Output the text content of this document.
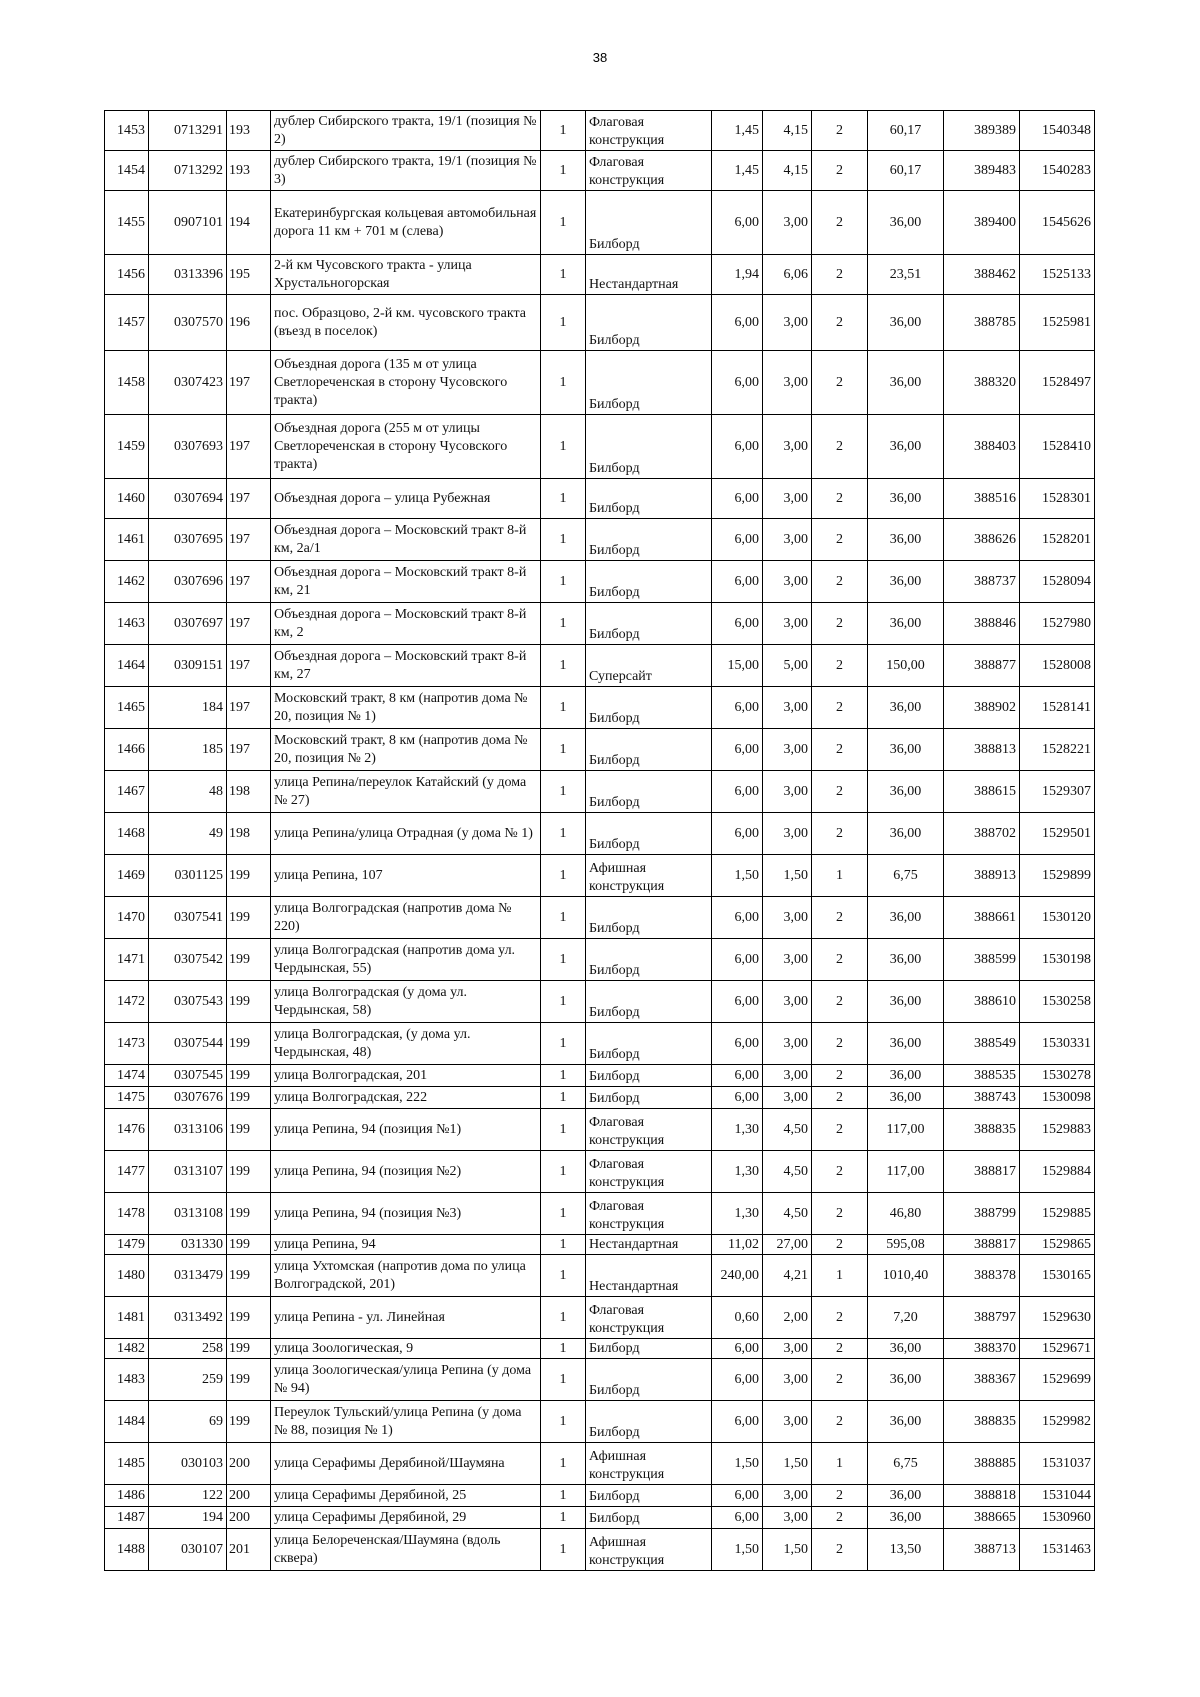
38
1453	0713291	193	дублер Сибирского тракта, 19/1 (позиция № 2)	1	Флаговая конструкция	1,45	4,15	2	60,17	389389	1540348
1454	0713292	193	дублер Сибирского тракта, 19/1 (позиция № 3)	1	Флаговая конструкция	1,45	4,15	2	60,17	389483	1540283
1455	0907101	194	Екатеринбургская кольцевая автомобильная дорога 11 км + 701 м (слева)	1	Билборд	6,00	3,00	2	36,00	389400	1545626
1456	0313396	195	2-й км Чусовского тракта - улица Хрустальногорская	1	Нестандартная	1,94	6,06	2	23,51	388462	1525133
1457	0307570	196	пос. Образцово, 2-й км. чусовского тракта (въезд в поселок)	1	Билборд	6,00	3,00	2	36,00	388785	1525981
1458	0307423	197	Объездная дорога (135 м от улица Светлореченская в сторону Чусовского тракта)	1	Билборд	6,00	3,00	2	36,00	388320	1528497
1459	0307693	197	Объездная дорога (255 м от улицы Светлореченская в сторону Чусовского тракта)	1	Билборд	6,00	3,00	2	36,00	388403	1528410
1460	0307694	197	Объездная дорога – улица Рубежная	1	Билборд	6,00	3,00	2	36,00	388516	1528301
1461	0307695	197	Объездная дорога – Московский тракт 8-й км, 2а/1	1	Билборд	6,00	3,00	2	36,00	388626	1528201
1462	0307696	197	Объездная дорога – Московский тракт 8-й км, 21	1	Билборд	6,00	3,00	2	36,00	388737	1528094
1463	0307697	197	Объездная дорога – Московский тракт 8-й км, 2	1	Билборд	6,00	3,00	2	36,00	388846	1527980
1464	0309151	197	Объездная дорога – Московский тракт 8-й км, 27	1	Суперсайт	15,00	5,00	2	150,00	388877	1528008
1465	184	197	Московский тракт, 8 км (напротив дома № 20, позиция № 1)	1	Билборд	6,00	3,00	2	36,00	388902	1528141
1466	185	197	Московский тракт, 8 км (напротив дома № 20, позиция № 2)	1	Билборд	6,00	3,00	2	36,00	388813	1528221
1467	48	198	улица Репина/переулок Катайский (у дома № 27)	1	Билборд	6,00	3,00	2	36,00	388615	1529307
1468	49	198	улица Репина/улица Отрадная (у дома № 1)	1	Билборд	6,00	3,00	2	36,00	388702	1529501
1469	0301125	199	улица Репина, 107	1	Афишная конструкция	1,50	1,50	1	6,75	388913	1529899
1470	0307541	199	улица Волгоградская (напротив дома № 220)	1	Билборд	6,00	3,00	2	36,00	388661	1530120
1471	0307542	199	улица Волгоградская (напротив дома ул. Чердынская, 55)	1	Билборд	6,00	3,00	2	36,00	388599	1530198
1472	0307543	199	улица Волгоградская (у дома ул. Чердынская, 58)	1	Билборд	6,00	3,00	2	36,00	388610	1530258
1473	0307544	199	улица Волгоградская, (у дома ул. Чердынская, 48)	1	Билборд	6,00	3,00	2	36,00	388549	1530331
1474	0307545	199	улица Волгоградская, 201	1	Билборд	6,00	3,00	2	36,00	388535	1530278
1475	0307676	199	улица Волгоградская, 222	1	Билборд	6,00	3,00	2	36,00	388743	1530098
1476	0313106	199	улица Репина, 94 (позиция №1)	1	Флаговая конструкция	1,30	4,50	2	117,00	388835	1529883
1477	0313107	199	улица Репина, 94 (позиция №2)	1	Флаговая конструкция	1,30	4,50	2	117,00	388817	1529884
1478	0313108	199	улица Репина, 94 (позиция №3)	1	Флаговая конструкция	1,30	4,50	2	46,80	388799	1529885
1479	031330	199	улица Репина, 94	1	Нестандартная	11,02	27,00	2	595,08	388817	1529865
1480	0313479	199	улица Ухтомская (напротив дома по улица Волгоградской, 201)	1	Нестандартная	240,00	4,21	1	1010,40	388378	1530165
1481	0313492	199	улица Репина - ул. Линейная	1	Флаговая конструкция	0,60	2,00	2	7,20	388797	1529630
1482	258	199	улица Зоологическая, 9	1	Билборд	6,00	3,00	2	36,00	388370	1529671
1483	259	199	улица Зоологическая/улица Репина (у дома № 94)	1	Билборд	6,00	3,00	2	36,00	388367	1529699
1484	69	199	Переулок Тульский/улица Репина (у дома № 88, позиция № 1)	1	Билборд	6,00	3,00	2	36,00	388835	1529982
1485	030103	200	улица Серафимы Дерябиной/Шаумяна	1	Афишная конструкция	1,50	1,50	1	6,75	388885	1531037
1486	122	200	улица Серафимы Дерябиной, 25	1	Билборд	6,00	3,00	2	36,00	388818	1531044
1487	194	200	улица Серафимы Дерябиной, 29	1	Билборд	6,00	3,00	2	36,00	388665	1530960
1488	030107	201	улица Белореченская/Шаумяна (вдоль сквера)	1	Афишная конструкция	1,50	1,50	2	13,50	388713	1531463
